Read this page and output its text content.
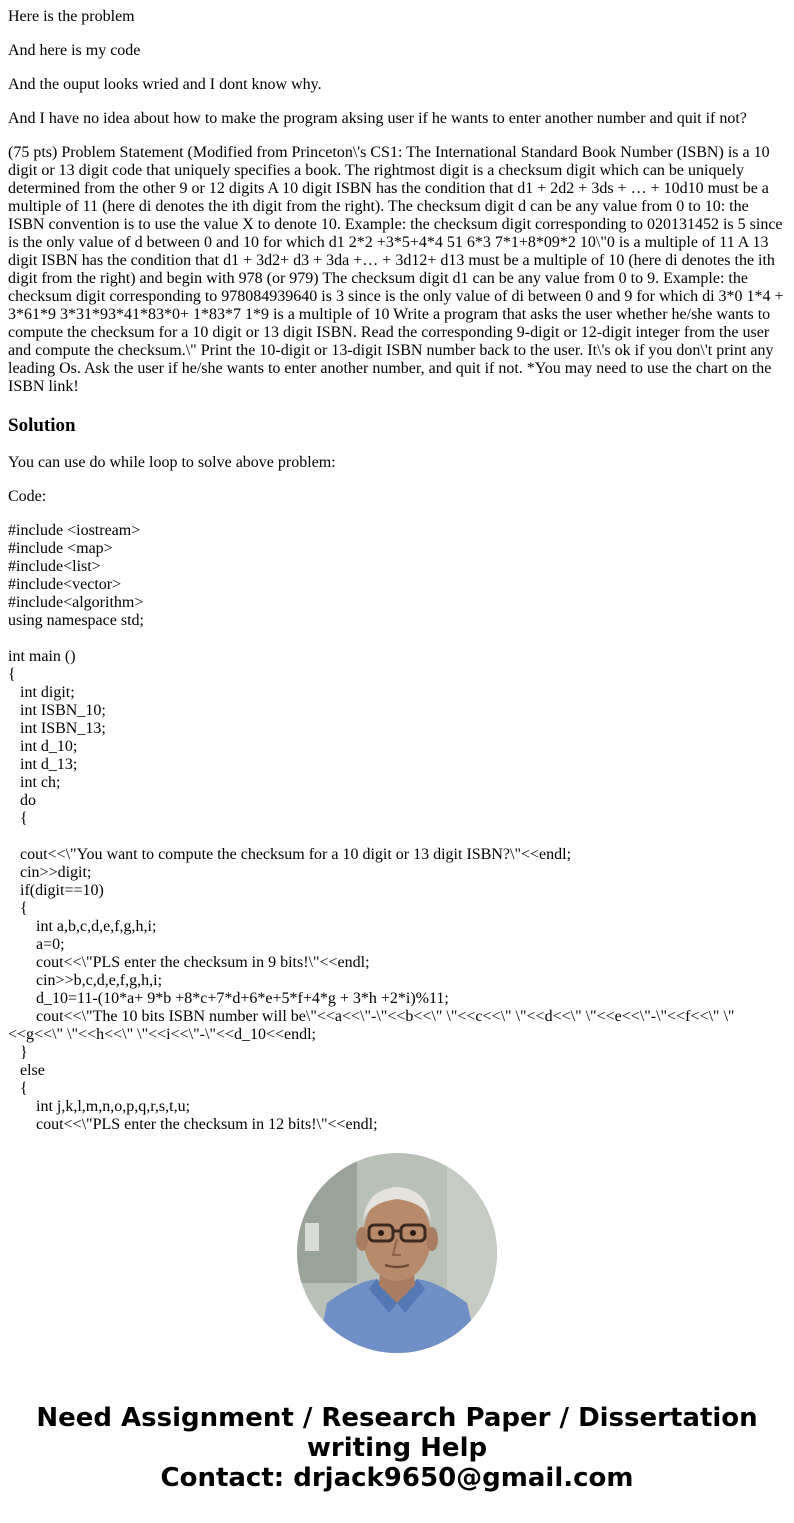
Here is the problem

And here is my code

And the ouput looks wried and I dont know why.

And I have no idea about how to make the program aksing user if he wants to enter another number and quit if not?

(75 pts) Problem Statement (Modified from Princeton\'s CS1: The International Standard Book Number (ISBN) is a 10 digit or 13 digit code that uniquely specifies a book. The rightmost digit is a checksum digit which can be uniquely determined from the other 9 or 12 digits A 10 digit ISBN has the condition that d1 + 2d2 + 3ds + … + 10d10 must be a multiple of 11 (here di denotes the ith digit from the right). The checksum digit d can be any value from 0 to 10: the ISBN convention is to use the value X to denote 10. Example: the checksum digit corresponding to 020131452 is 5 since is the only value of d between 0 and 10 for which d1 2*2 +3*5+4*4 51 6*3 7*1+8*09*2 10\"0 is a multiple of 11 A 13 digit ISBN has the condition that d1 + 3d2+ d3 + 3da +… + 3d12+ d13 must be a multiple of 10 (here di denotes the ith digit from the right) and begin with 978 (or 979) The checksum digit d1 can be any value from 0 to 9. Example: the checksum digit corresponding to 978084939640 is 3 since is the only value of di between 0 and 9 for which di 3*0 1*4 + 3*61*9 3*31*93*41*83*0+ 1*83*7 1*9 is a multiple of 10 Write a program that asks the user whether he/she wants to compute the checksum for a 10 digit or 13 digit ISBN. Read the corresponding 9-digit or 12-digit integer from the user and compute the checksum.\" Print the 10-digit or 13-digit ISBN number back to the user. It\'s ok if you don\'t print any leading Os. Ask the user if he/she wants to enter another number, and quit if not. *You may need to use the chart on the ISBN link!

Solution

You can use do while loop to solve above problem:

Code:

#include <iostream>
#include <map>
#include<list>
#include<vector>
#include<algorithm>
using namespace std;

int main ()
{
int digit;
int ISBN_10;
int ISBN_13;
int d_10;
int d_13;
int ch;
do
{

cout<<\"You want to compute the checksum for a 10 digit or 13 digit ISBN?\"<<endl;
cin>>digit;
if(digit==10)
{
int a,b,c,d,e,f,g,h,i;
a=0;
cout<<\"PLS enter the checksum in 9 bits!\"<<endl;
cin>>b,c,d,e,f,g,h,i;
d_10=11-(10*a+ 9*b +8*c+7*d+6*e+5*f+4*g + 3*h +2*i)%11;
cout<<\"The 10 bits ISBN number will be\"<<a<<\"-\"<<b<<\" \"<<c<<\" \"<<d<<\" \"<<e<<\"-\"<<f<<\" \"<<g<<\" \"<<h<<\" \"<<i<<\"-\"<<d_10<<endl;
}
else
{
int j,k,l,m,n,o,p,q,r,s,t,u;
cout<<\"PLS enter the checksum in 12 bits!\"<<endl;
Need Assignment / Research Paper / Dissertation
writing Help
Contact: drjack9650@gmail.com
